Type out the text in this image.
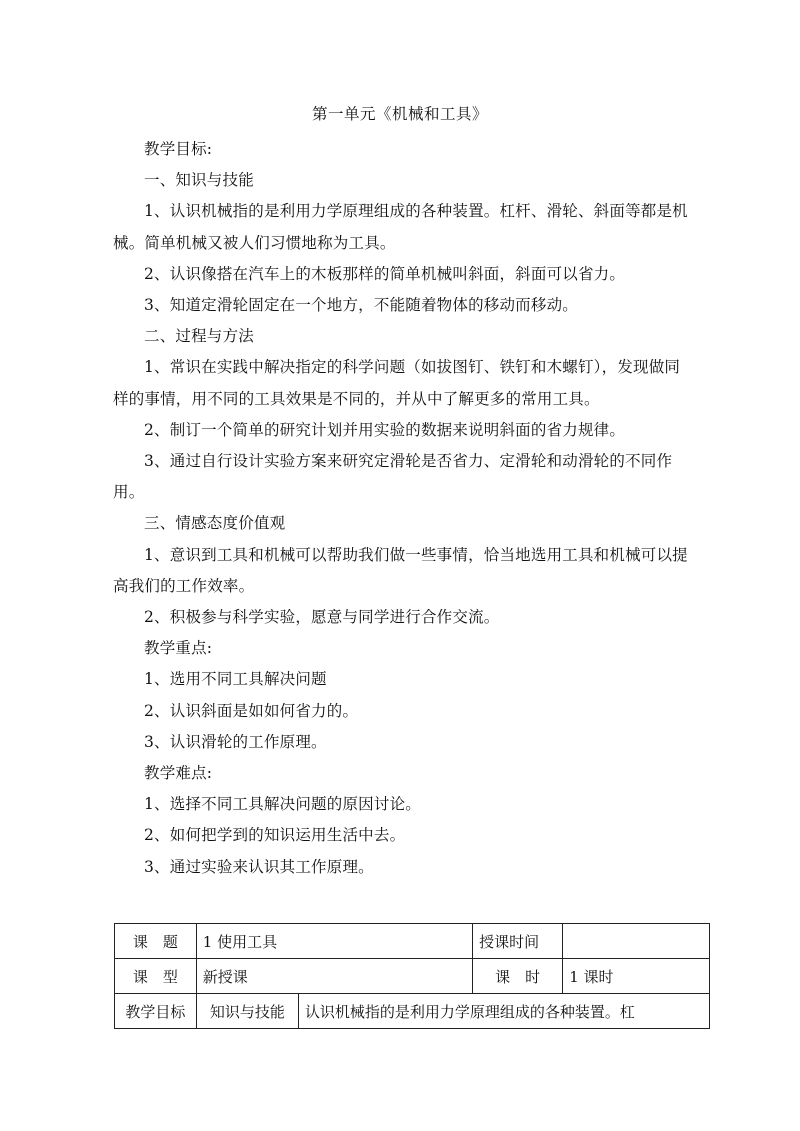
第一单元《机械和工具》

教学目标:

一、知识与技能

1、认识机械指的是利用力学原理组成的各种装置。杠杆、滑轮、斜面等都是机械。简单机械又被人们习惯地称为工具。

2、认识像搭在汽车上的木板那样的简单机械叫斜面，斜面可以省力。

3、知道定滑轮固定在一个地方，不能随着物体的移动而移动。

二、过程与方法

1、常识在实践中解决指定的科学问题（如拔图钉、铁钉和木螺钉），发现做同样的事情，用不同的工具效果是不同的，并从中了解更多的常用工具。

2、制订一个简单的研究计划并用实验的数据来说明斜面的省力规律。

3、通过自行设计实验方案来研究定滑轮是否省力、定滑轮和动滑轮的不同作用。

三、情感态度价值观

1、意识到工具和机械可以帮助我们做一些事情，恰当地选用工具和机械可以提高我们的工作效率。

2、积极参与科学实验，愿意与同学进行合作交流。

教学重点:

1、选用不同工具解决问题

2、认识斜面是如如何省力的。

3、认识滑轮的工作原理。

教学难点:

1、选择不同工具解决问题的原因讨论。

2、如何把学到的知识运用生活中去。

3、通过实验来认识其工作原理。

课　题	1 使用工具		授课时间	
课　型	新授课		课　时	1 课时
教学目标	知识与技能	认识机械指的是利用力学原理组成的各种装置。杠		
